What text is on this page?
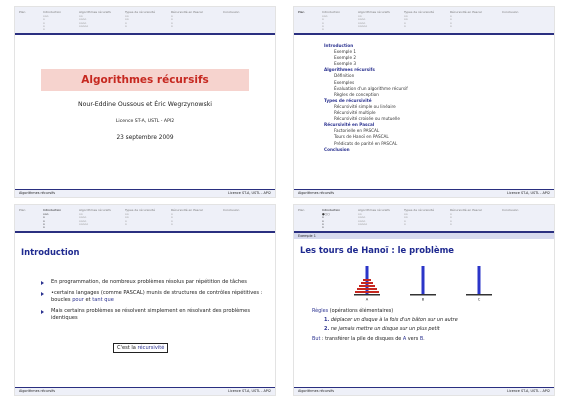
Plan	Introduction	Algorithmes récursifs	Types de récursivité	Récursivité en Pascal	Conclusion
ooo
o
o
o
o
oo
oooo
oooo
ooooo
oo
oo
o
o
o
o
o
o
Algorithmes récursifs
Nour-Eddine Oussous et Éric Wegrzynowski
Licence ST-A, USTL - API2
23 septembre 2009
Algorithmes récursifs	Licence ST-A, USTL - API2
Plan	Introduction	Algorithmes récursifs	Types de récursivité	Récursivité en Pascal	Conclusion
ooo
o
o
o
o
oo
oooo
oooo
ooooo
oo
oo
o
o
o
o
o
o
Introduction
Exemple 1
Exemple 2
Exemple 3
Algorithmes récursifs
Définition
Exemples
Évaluation d'un algorithme récursif
Règles de conception
Types de récursivité
Récursivité simple ou linéaire
Récursivité multiple
Récursivité croisée ou mutuelle
Récursivité en Pascal
Factorielle en PASCAL
Tours de Hanoï en PASCAL
Prédicats de parité en PASCAL
Conclusion
Algorithmes récursifs	Licence ST-A, USTL - API2
Plan	Introduction	Algorithmes récursifs	Types de récursivité	Récursivité en Pascal	Conclusion
ooo
o
o
o
o
oo
oooo
oooo
ooooo
oo
oo
o
o
o
o
o
o
Introduction
En programmation, de nombreux problèmes résolus par répétition de tâches
•certains langages (comme PASCAL) munis de structures de contrôles répétitives : boucles pour et tant que
Mais certains problèmes se résolvent simplement en résolvant des problèmes identiques
C'est la récursivité
Algorithmes récursifs	Licence ST-A, USTL - API2
Plan	Introduction	Algorithmes récursifs	Types de récursivité	Récursivité en Pascal	Conclusion
●○○
o
o
o
o
oo
oooo
oooo
ooooo
oo
oo
o
o
o
o
o
o
Exemple 1
Les tours de Hanoï : le problème
A	B	C
Règles (opérations élémentaires)
1. déplacer un disque à la fois d'un bâton sur un autre
2. ne jamais mettre un disque sur un plus petit
But : transférer la pile de disques de A vers B.
Algorithmes récursifs	Licence ST-A, USTL - API2
